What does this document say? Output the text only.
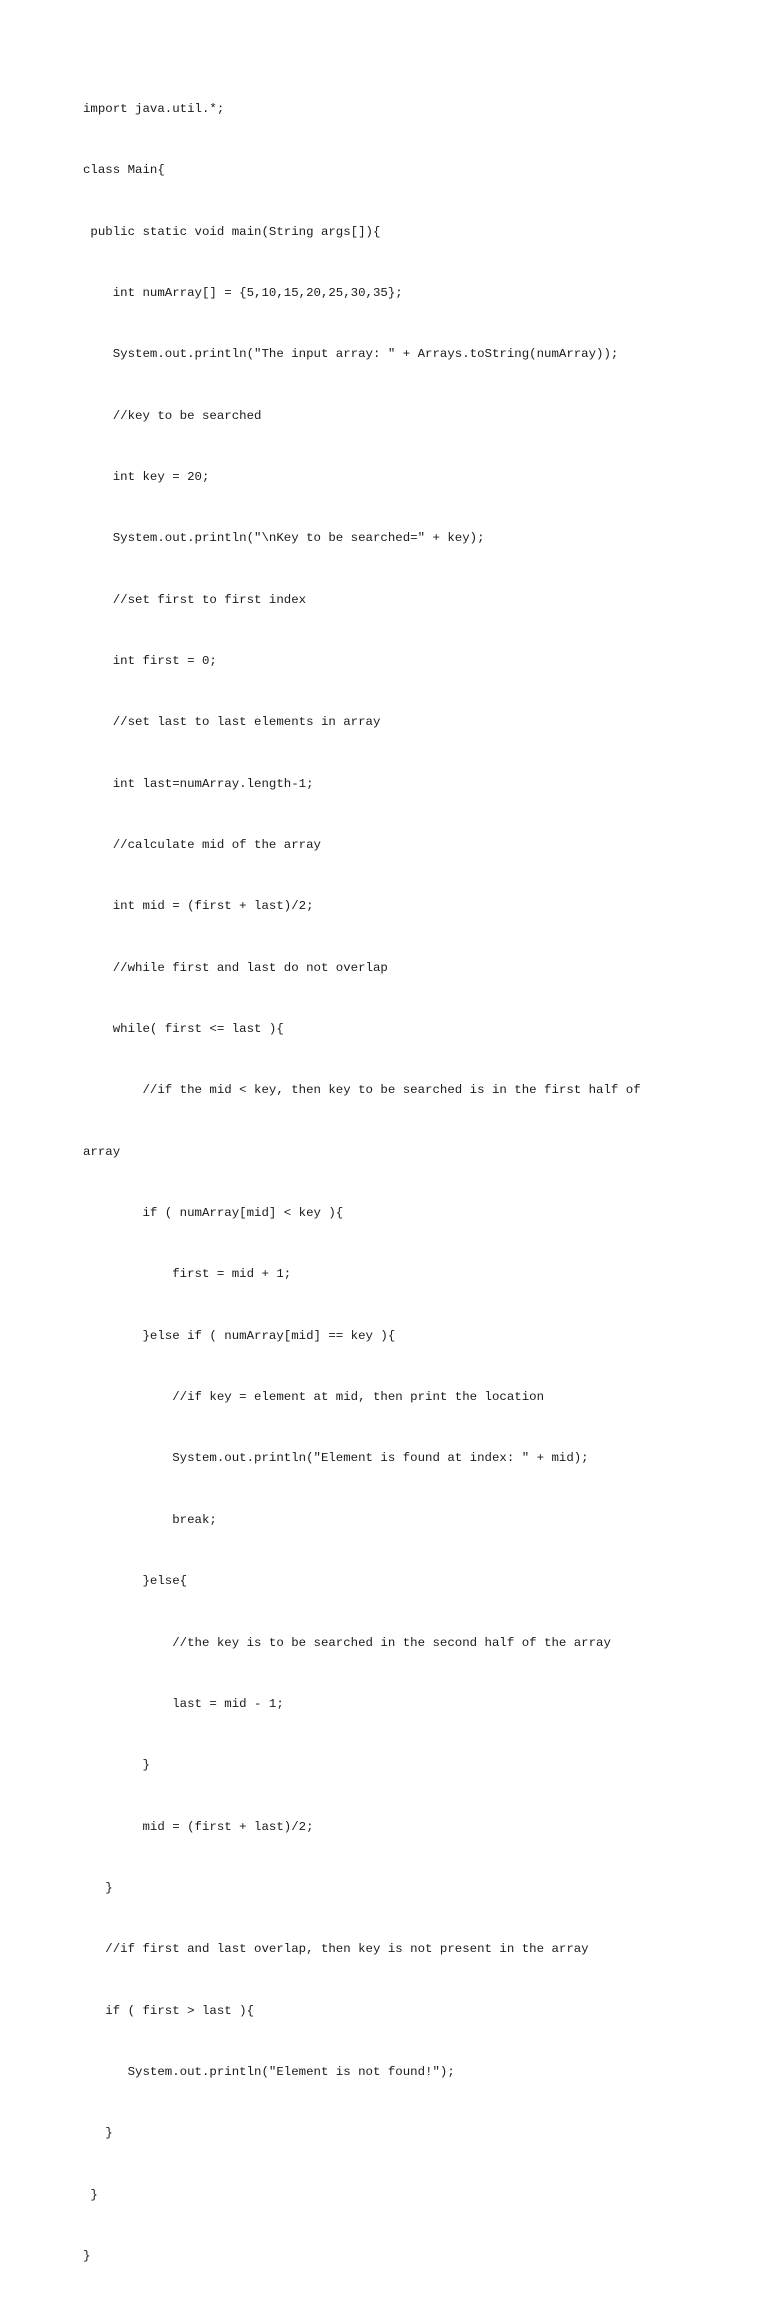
import java.util.*;

class Main{

public static void main(String args[]){

int numArray[] = {5,10,15,20,25,30,35};

System.out.println("The input array: " + Arrays.toString(numArray));

//key to be searched

int key = 20;

System.out.println("\nKey to be searched=" + key);

//set first to first index

int first = 0;

//set last to last elements in array

int last=numArray.length-1;

//calculate mid of the array

int mid = (first + last)/2;

//while first and last do not overlap

while( first <= last ){

//if the mid < key, then key to be searched is in the first half of

array

if ( numArray[mid] < key ){

first = mid + 1;

}else if ( numArray[mid] == key ){

//if key = element at mid, then print the location

System.out.println("Element is found at index: " + mid);

break;

}else{

//the key is to be searched in the second half of the array

last = mid - 1;

}

mid = (first + last)/2;

}

//if first and last overlap, then key is not present in the array

if ( first > last ){

System.out.println("Element is not found!");

}

}

}
